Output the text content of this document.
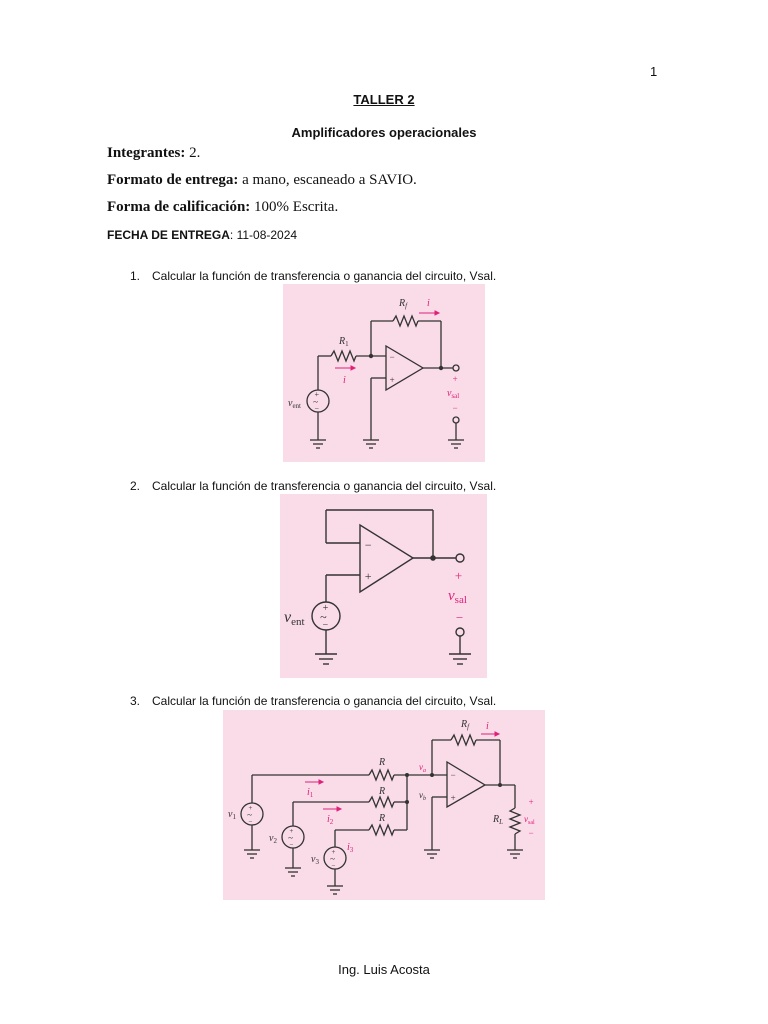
1
TALLER 2
Amplificadores operacionales
Integrantes: 2.
Formato de entrega: a mano, escaneado a SAVIO.
Forma de calificación: 100% Escrita.
FECHA DE ENTREGA: 11-08-2024
1. Calcular la función de transferencia o ganancia del circuito, Vsal.
+
~
−
−
+
$v_{ent}$
$R_1$
$R_f$ i
i	+
$v_{sal}$
−
2. Calcular la función de transferencia o ganancia del circuito, Vsal.
−
+
+
~
−
vent
+
$v_{sal}$
−
3. Calcular la función de transferencia o ganancia del circuito, Vsal.
−
+
+
~
−
+
~
−
+
~
−
$v_1$
$v_2$
$v_3$
R
R
R
$R_f$
$R_L$
$i_1$
$i_2$
$i_3$
i
$v_a$
$v_b$	+
$v_{sal}$
−
Ing. Luis Acosta
